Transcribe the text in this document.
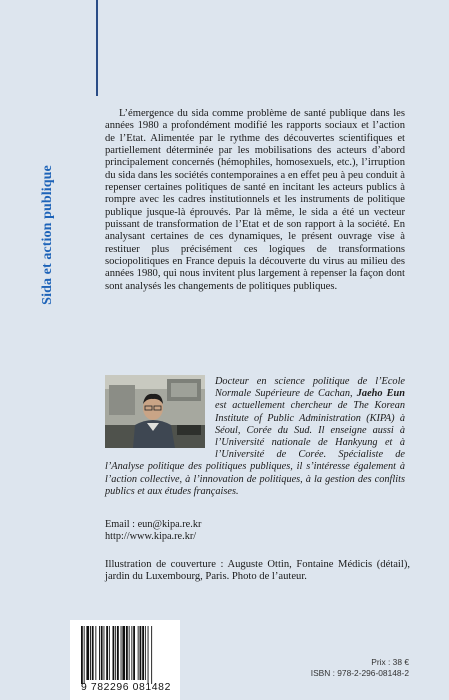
Sida et action publique

L’émergence du sida comme problème de santé publique dans les années 1980 a profondément modifié les rapports sociaux et l’action de l’Etat. Alimentée par le rythme des découvertes scientifiques et partiellement déterminée par les mobilisations des acteurs d’abord principalement concernés (hémophiles, homosexuels, etc.), l’irruption du sida dans les sociétés contemporaines a en effet peu à peu conduit à repenser certaines politiques de santé en incitant les acteurs publics à rompre avec les cadres institutionnels et les instruments de politique publique jusque-là éprouvés. Par là même, le sida a été un vecteur puissant de transformation de l’Etat et de son rapport à la société. En analysant certaines de ces dynamiques, le présent ouvrage vise à restituer plus précisément ces logiques de transformations sociopolitiques en France depuis la découverte du virus au milieu des années 1980, qui nous invitent plus largement à repenser la façon dont sont analysés les changements de politiques publiques.

Docteur en science politique de l’Ecole Normale Supérieure de Cachan, Jaeho Eun est actuellement chercheur de The Korean Institute of Public Administration (KIPA) à Séoul, Corée du Sud. Il enseigne aussi à l’Université nationale de Hankyung et à l’Université de Corée. Spécialiste de l’Analyse politique des politiques publiques, il s’intéresse également à l’action collective, à l’innovation de politiques, à la gestion des conflits publics et aux études françaises.
Email : eun@kipa.re.kr
http://www.kipa.re.kr/

Illustration de couverture : Auguste Ottin, Fontaine Médicis (détail), jardin du Luxembourg, Paris. Photo de l’auteur.

9 782296 081482
Prix : 38 €
ISBN : 978-2-296-08148-2
